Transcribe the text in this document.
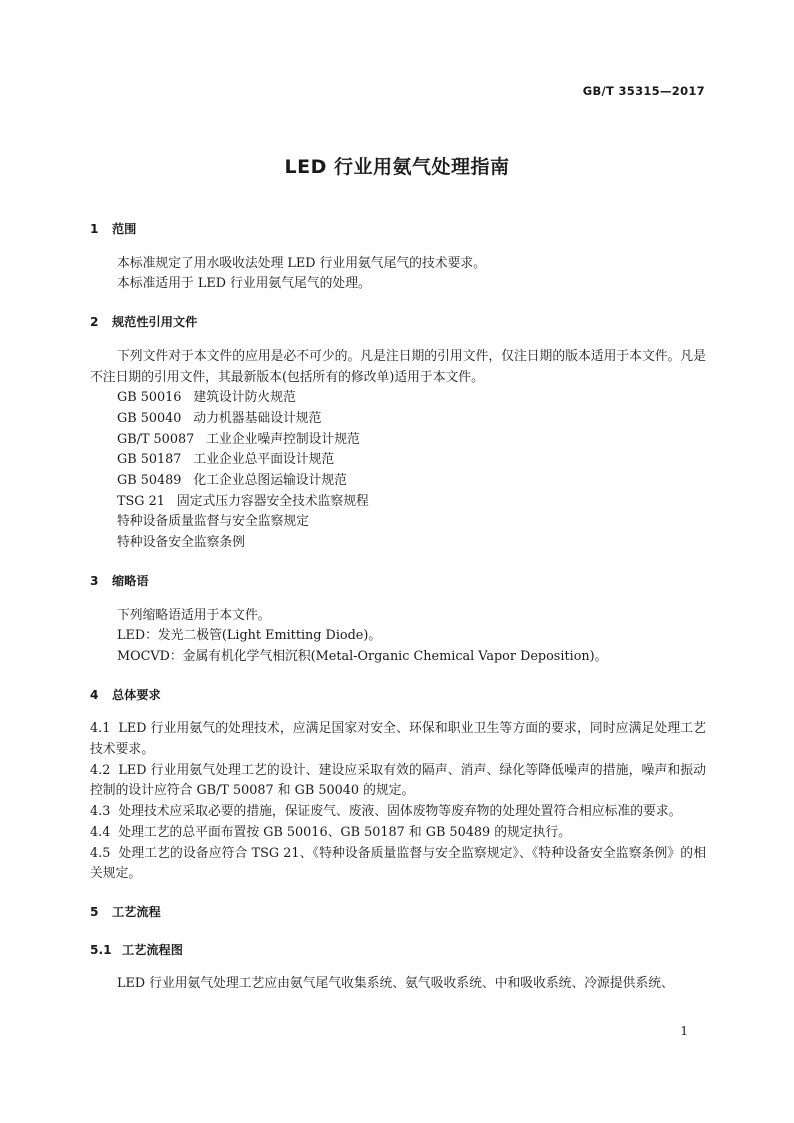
GB/T 35315—2017
LED 行业用氨气处理指南
1 范围
本标准规定了用水吸收法处理 LED 行业用氨气尾气的技术要求。
本标准适用于 LED 行业用氨气尾气的处理。
2 规范性引用文件
下列文件对于本文件的应用是必不可少的。凡是注日期的引用文件，仅注日期的版本适用于本文件。凡是不注日期的引用文件，其最新版本(包括所有的修改单)适用于本文件。
GB 50016 建筑设计防火规范
GB 50040 动力机器基础设计规范
GB/T 50087 工业企业噪声控制设计规范
GB 50187 工业企业总平面设计规范
GB 50489 化工企业总图运输设计规范
TSG 21 固定式压力容器安全技术监察规程
特种设备质量监督与安全监察规定
特种设备安全监察条例
3 缩略语
下列缩略语适用于本文件。
LED：发光二极管(Light Emitting Diode)。
MOCVD：金属有机化学气相沉积(Metal-Organic Chemical Vapor Deposition)。
4 总体要求
4.1 LED 行业用氨气的处理技术，应满足国家对安全、环保和职业卫生等方面的要求，同时应满足处理工艺技术要求。
4.2 LED 行业用氨气处理工艺的设计、建设应采取有效的隔声、消声、绿化等降低噪声的措施，噪声和振动控制的设计应符合 GB/T 50087 和 GB 50040 的规定。
4.3 处理技术应采取必要的措施，保证废气、废液、固体废物等废弃物的处理处置符合相应标准的要求。
4.4 处理工艺的总平面布置按 GB 50016、GB 50187 和 GB 50489 的规定执行。
4.5 处理工艺的设备应符合 TSG 21、《特种设备质量监督与安全监察规定》、《特种设备安全监察条例》的相关规定。
5 工艺流程
5.1 工艺流程图
LED 行业用氨气处理工艺应由氨气尾气收集系统、氨气吸收系统、中和吸收系统、冷源提供系统、
1
